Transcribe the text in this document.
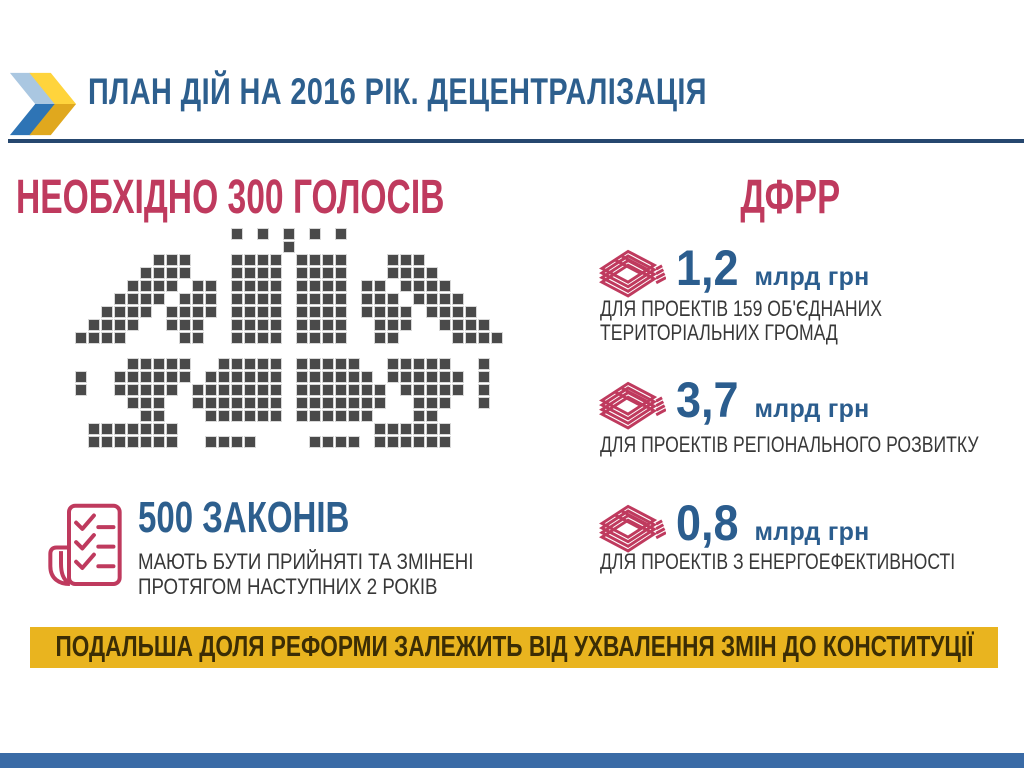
ПЛАН ДІЙ НА 2016 РІК. ДЕЦЕНТРАЛІЗАЦІЯ
НЕОБХІДНО 300 ГОЛОСІВ
500 ЗАКОНІВ
МАЮТЬ БУТИ ПРИЙНЯТІ ТА ЗМІНЕНІ
ПРОТЯГОМ НАСТУПНИХ 2 РОКІВ
ДФРР
1,2 млрд грн
ДЛЯ ПРОЕКТІВ 159 ОБ'ЄДНАНИХ
ТЕРИТОРІАЛЬНИХ ГРОМАД
3,7 млрд грн
ДЛЯ ПРОЕКТІВ РЕГІОНАЛЬНОГО РОЗВИТКУ
0,8 млрд грн
ДЛЯ ПРОЕКТІВ З ЕНЕРГОЕФЕКТИВНОСТІ
ПОДАЛЬША ДОЛЯ РЕФОРМИ ЗАЛЕЖИТЬ ВІД УХВАЛЕННЯ ЗМІН ДО КОНСТИТУЦІЇ
